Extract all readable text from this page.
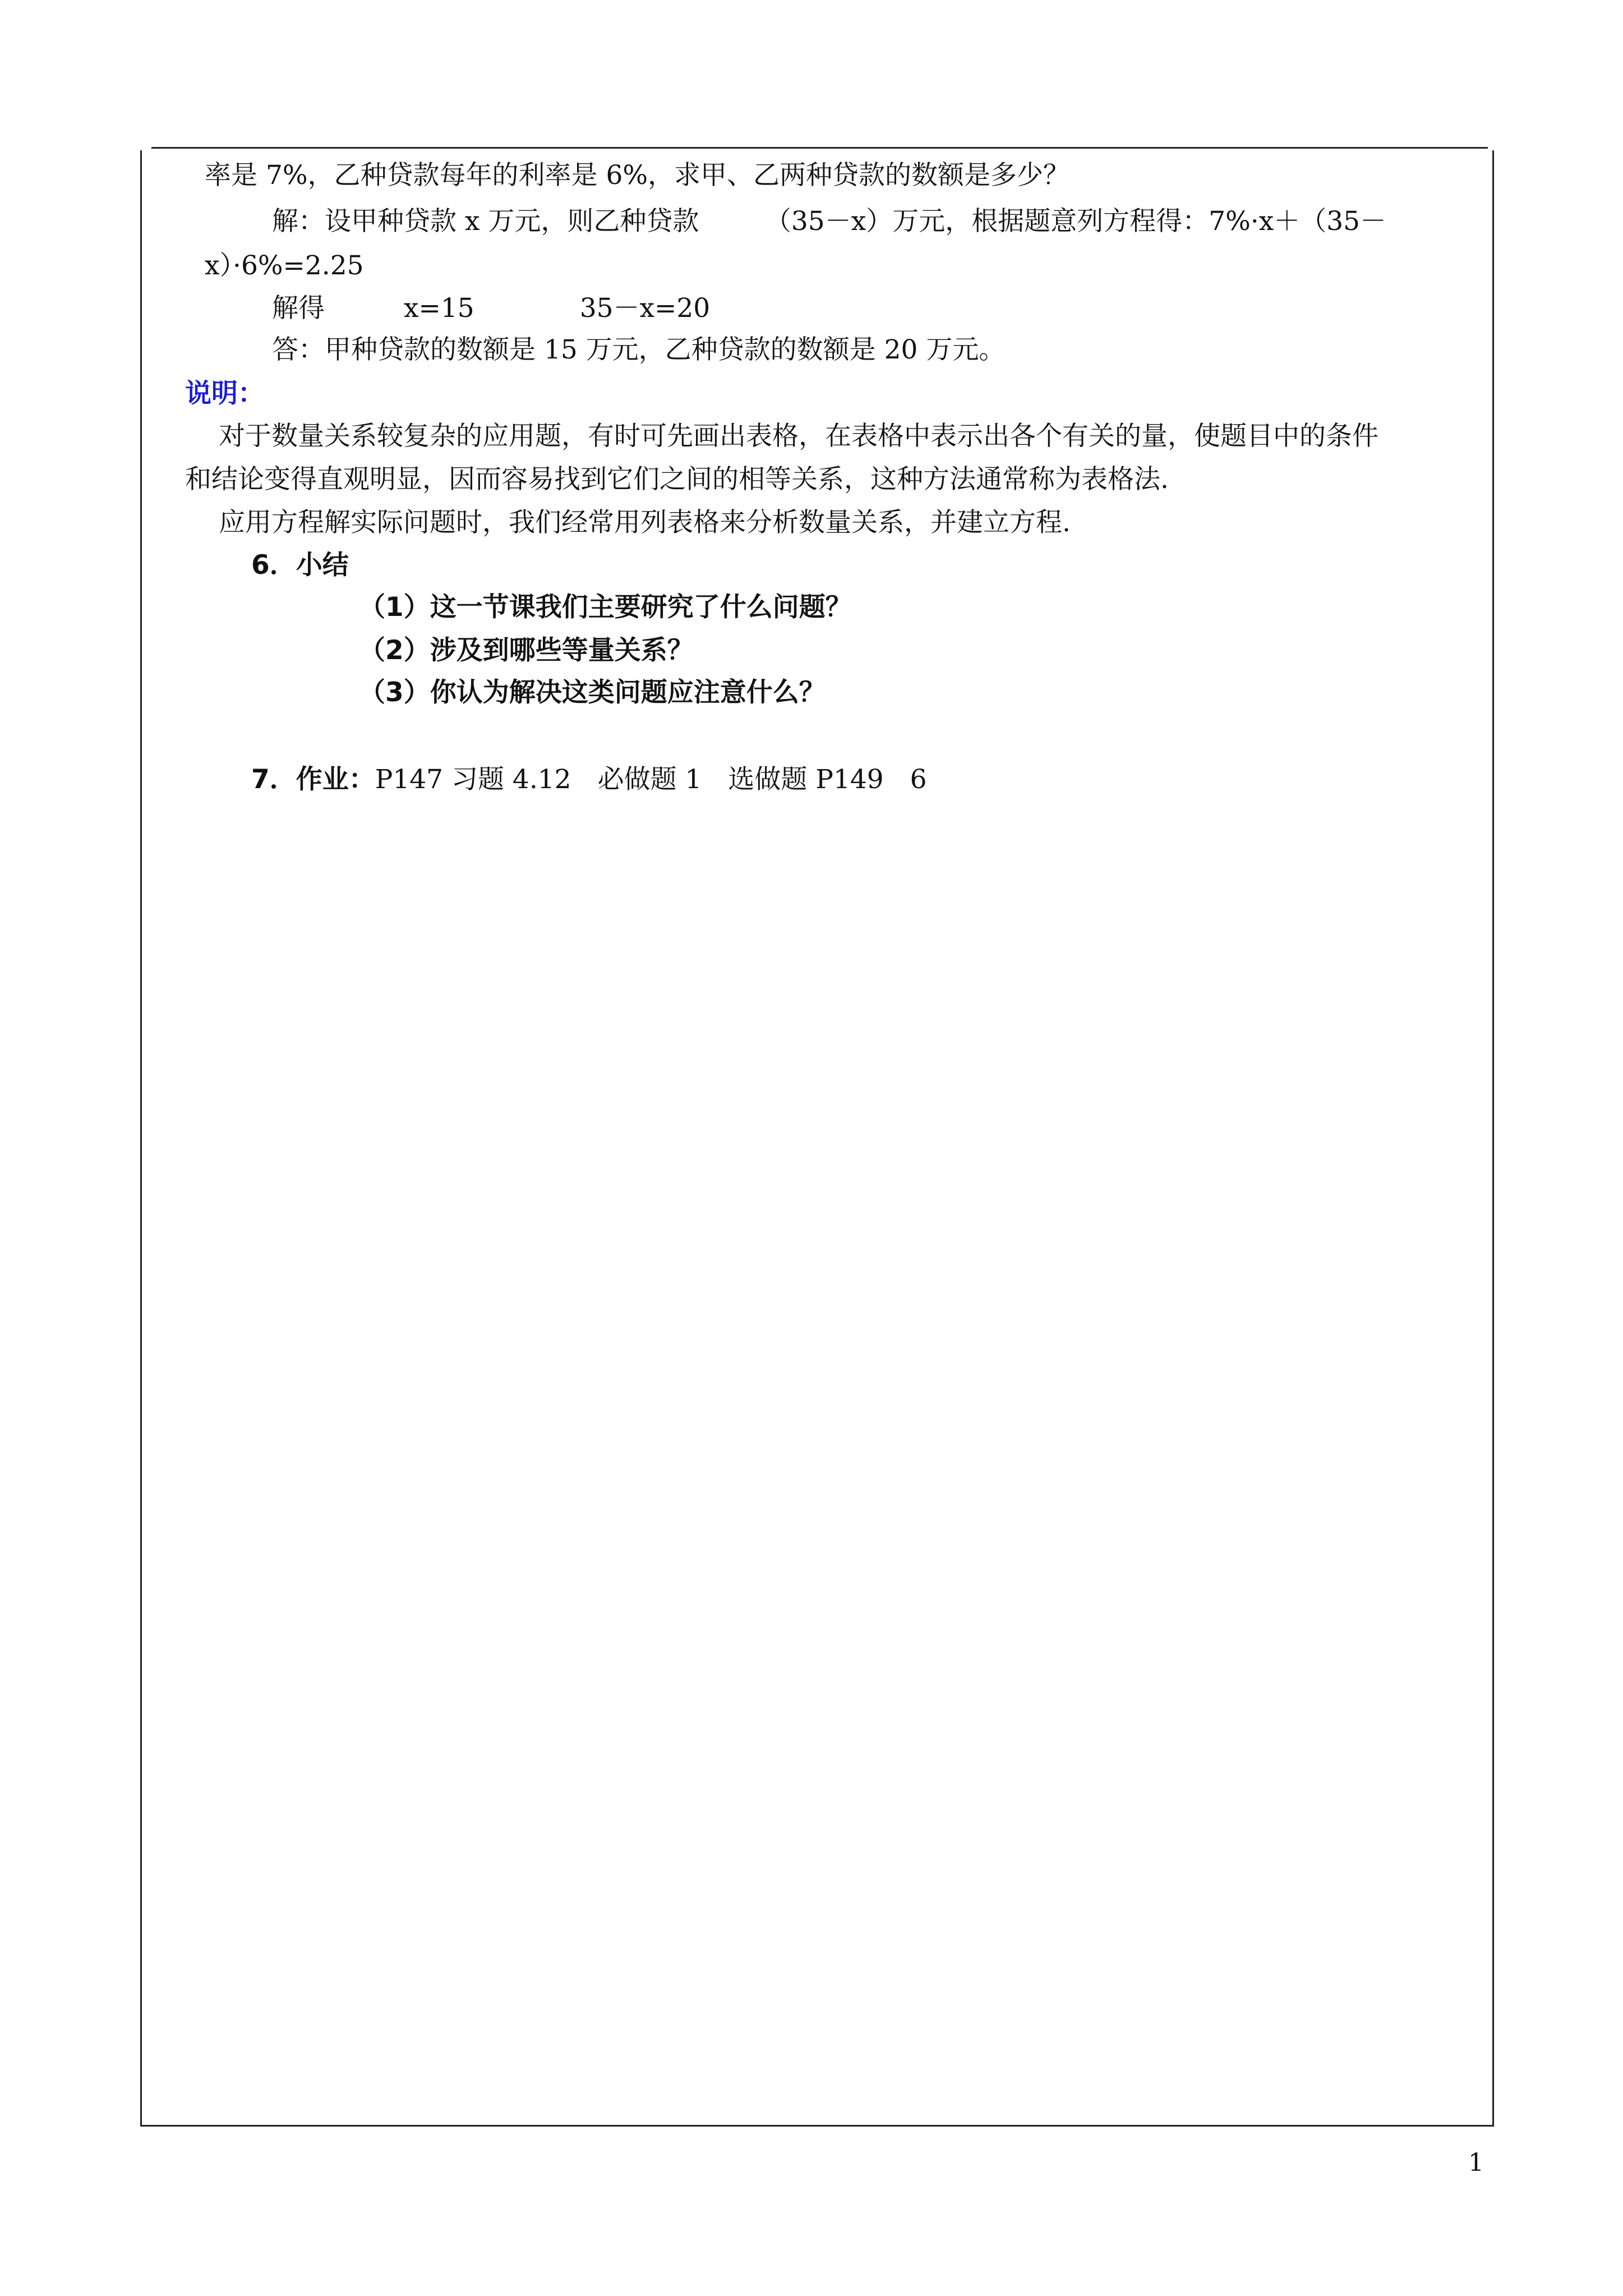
率是 7%，乙种贷款每年的利率是 6%，求甲、乙两种贷款的数额是多少？
解：设甲种贷款 x 万元，则乙种贷款　　　（35－x）万元，根据题意列方程得：7%·x＋（35－
x）·6%=2.25
解得　　　x=15　　　　35－x=20
答：甲种贷款的数额是 15 万元，乙种贷款的数额是 20 万元。
说明：
对于数量关系较复杂的应用题，有时可先画出表格，在表格中表示出各个有关的量，使题目中的条件
和结论变得直观明显，因而容易找到它们之间的相等关系，这种方法通常称为表格法.
应用方程解实际问题时，我们经常用列表格来分析数量关系，并建立方程.
6．小结
（1）这一节课我们主要研究了什么问题？
（2）涉及到哪些等量关系？
（3）你认为解决这类问题应注意什么？
7．作业：P147 习题 4.12　必做题 1　选做题 P149　6
1
